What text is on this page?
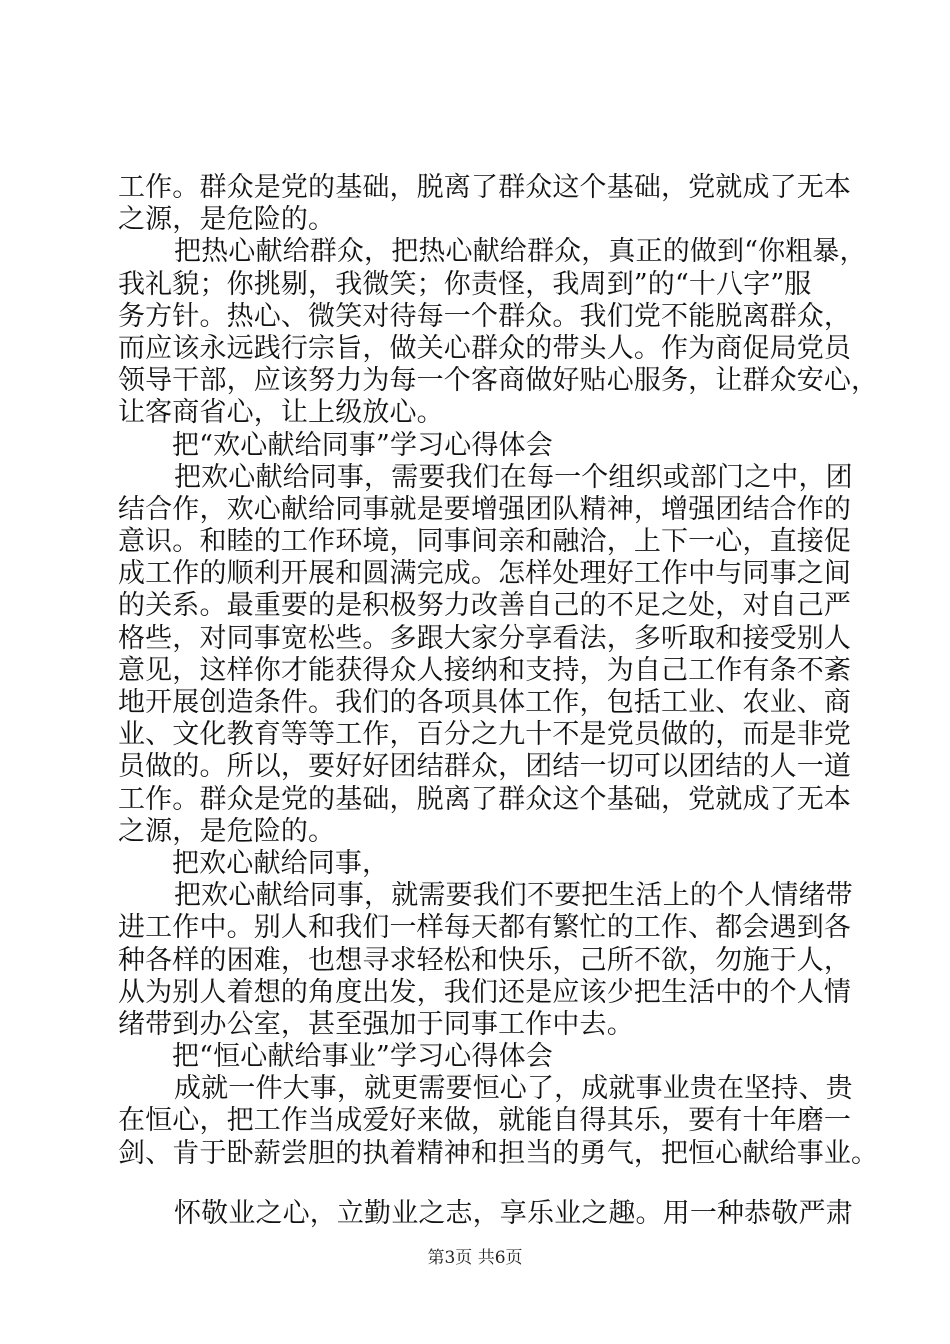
工作。群众是党的基础，脱离了群众这个基础，党就成了无本
之源，是危险的。
把热心献给群众，把热心献给群众，真正的做到“你粗暴，
我礼貌；你挑剔，我微笑；你责怪，我周到”的“十八字”服
务方针。热心、微笑对待每一个群众。我们党不能脱离群众，
而应该永远践行宗旨，做关心群众的带头人。作为商促局党员
领导干部，应该努力为每一个客商做好贴心服务，让群众安心，
让客商省心，让上级放心。
把“欢心献给同事”学习心得体会
把欢心献给同事，需要我们在每一个组织或部门之中，团
结合作，欢心献给同事就是要增强团队精神，增强团结合作的
意识。和睦的工作环境，同事间亲和融洽，上下一心，直接促
成工作的顺利开展和圆满完成。怎样处理好工作中与同事之间
的关系。最重要的是积极努力改善自己的不足之处，对自己严
格些，对同事宽松些。多跟大家分享看法，多听取和接受别人
意见，这样你才能获得众人接纳和支持，为自己工作有条不紊
地开展创造条件。我们的各项具体工作，包括工业、农业、商
业、文化教育等等工作，百分之九十不是党员做的，而是非党
员做的。所以，要好好团结群众，团结一切可以团结的人一道
工作。群众是党的基础，脱离了群众这个基础，党就成了无本
之源，是危险的。
把欢心献给同事，
把欢心献给同事，就需要我们不要把生活上的个人情绪带
进工作中。别人和我们一样每天都有繁忙的工作、都会遇到各
种各样的困难，也想寻求轻松和快乐，己所不欲，勿施于人，
从为别人着想的角度出发，我们还是应该少把生活中的个人情
绪带到办公室，甚至强加于同事工作中去。
把“恒心献给事业”学习心得体会
成就一件大事，就更需要恒心了，成就事业贵在坚持、贵
在恒心，把工作当成爱好来做，就能自得其乐，要有十年磨一
剑、肯于卧薪尝胆的执着精神和担当的勇气，把恒心献给事业。
怀敬业之心，立勤业之志，享乐业之趣。用一种恭敬严肃
第3页 共6页
